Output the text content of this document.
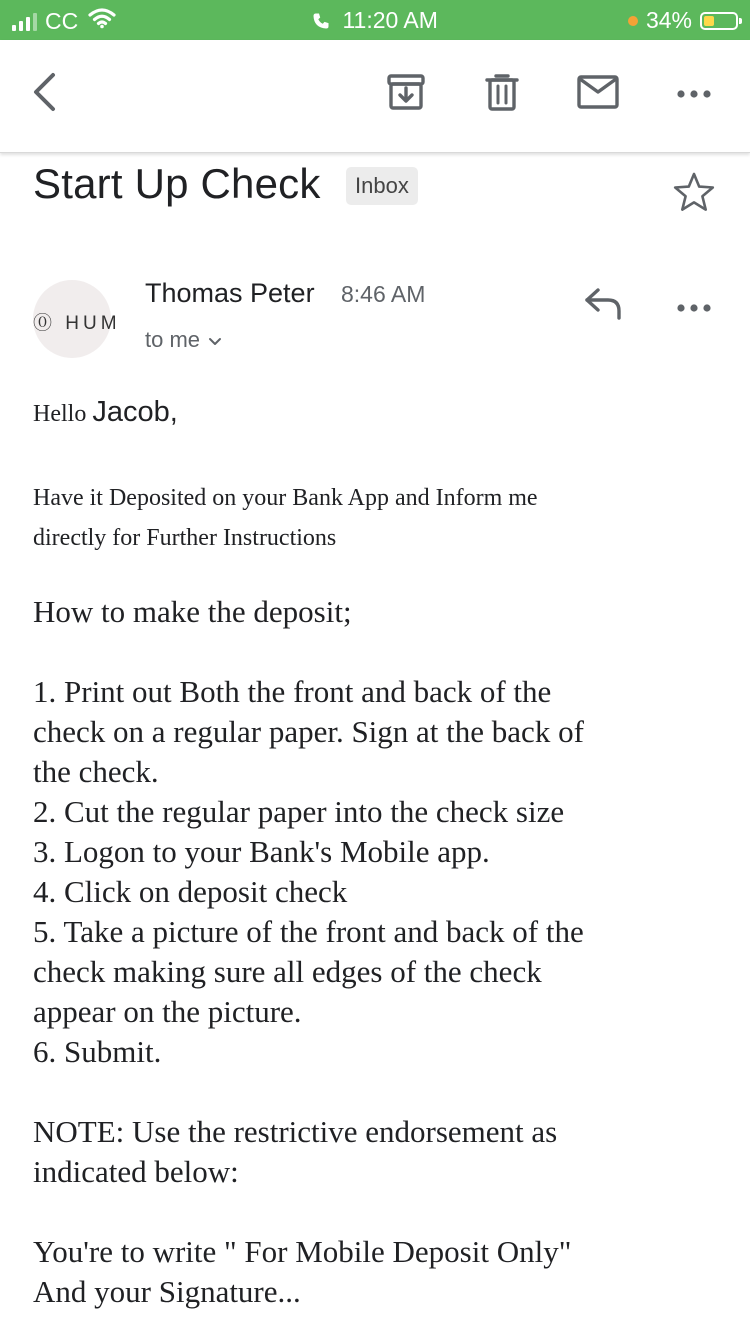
CC	11:20 AM	34%
Start Up Check	Inbox
⓪ HUM
Thomas Peter 8:46 AM
to me
Hello Jacob,
Have it Deposited on your Bank App and Inform me
directly for Further Instructions

How to make the deposit;

1. Print out Both the front and back of the

check on a regular paper. Sign at the back of

the check.

2. Cut the regular paper into the check size

3. Logon to your Bank's Mobile app.

4. Click on deposit check

5. Take a picture of the front and back of the

check making sure all edges of the check

appear on the picture.

6. Submit.

NOTE: Use the restrictive endorsement as

indicated below:

You're to write " For Mobile Deposit Only"

And your Signature...
